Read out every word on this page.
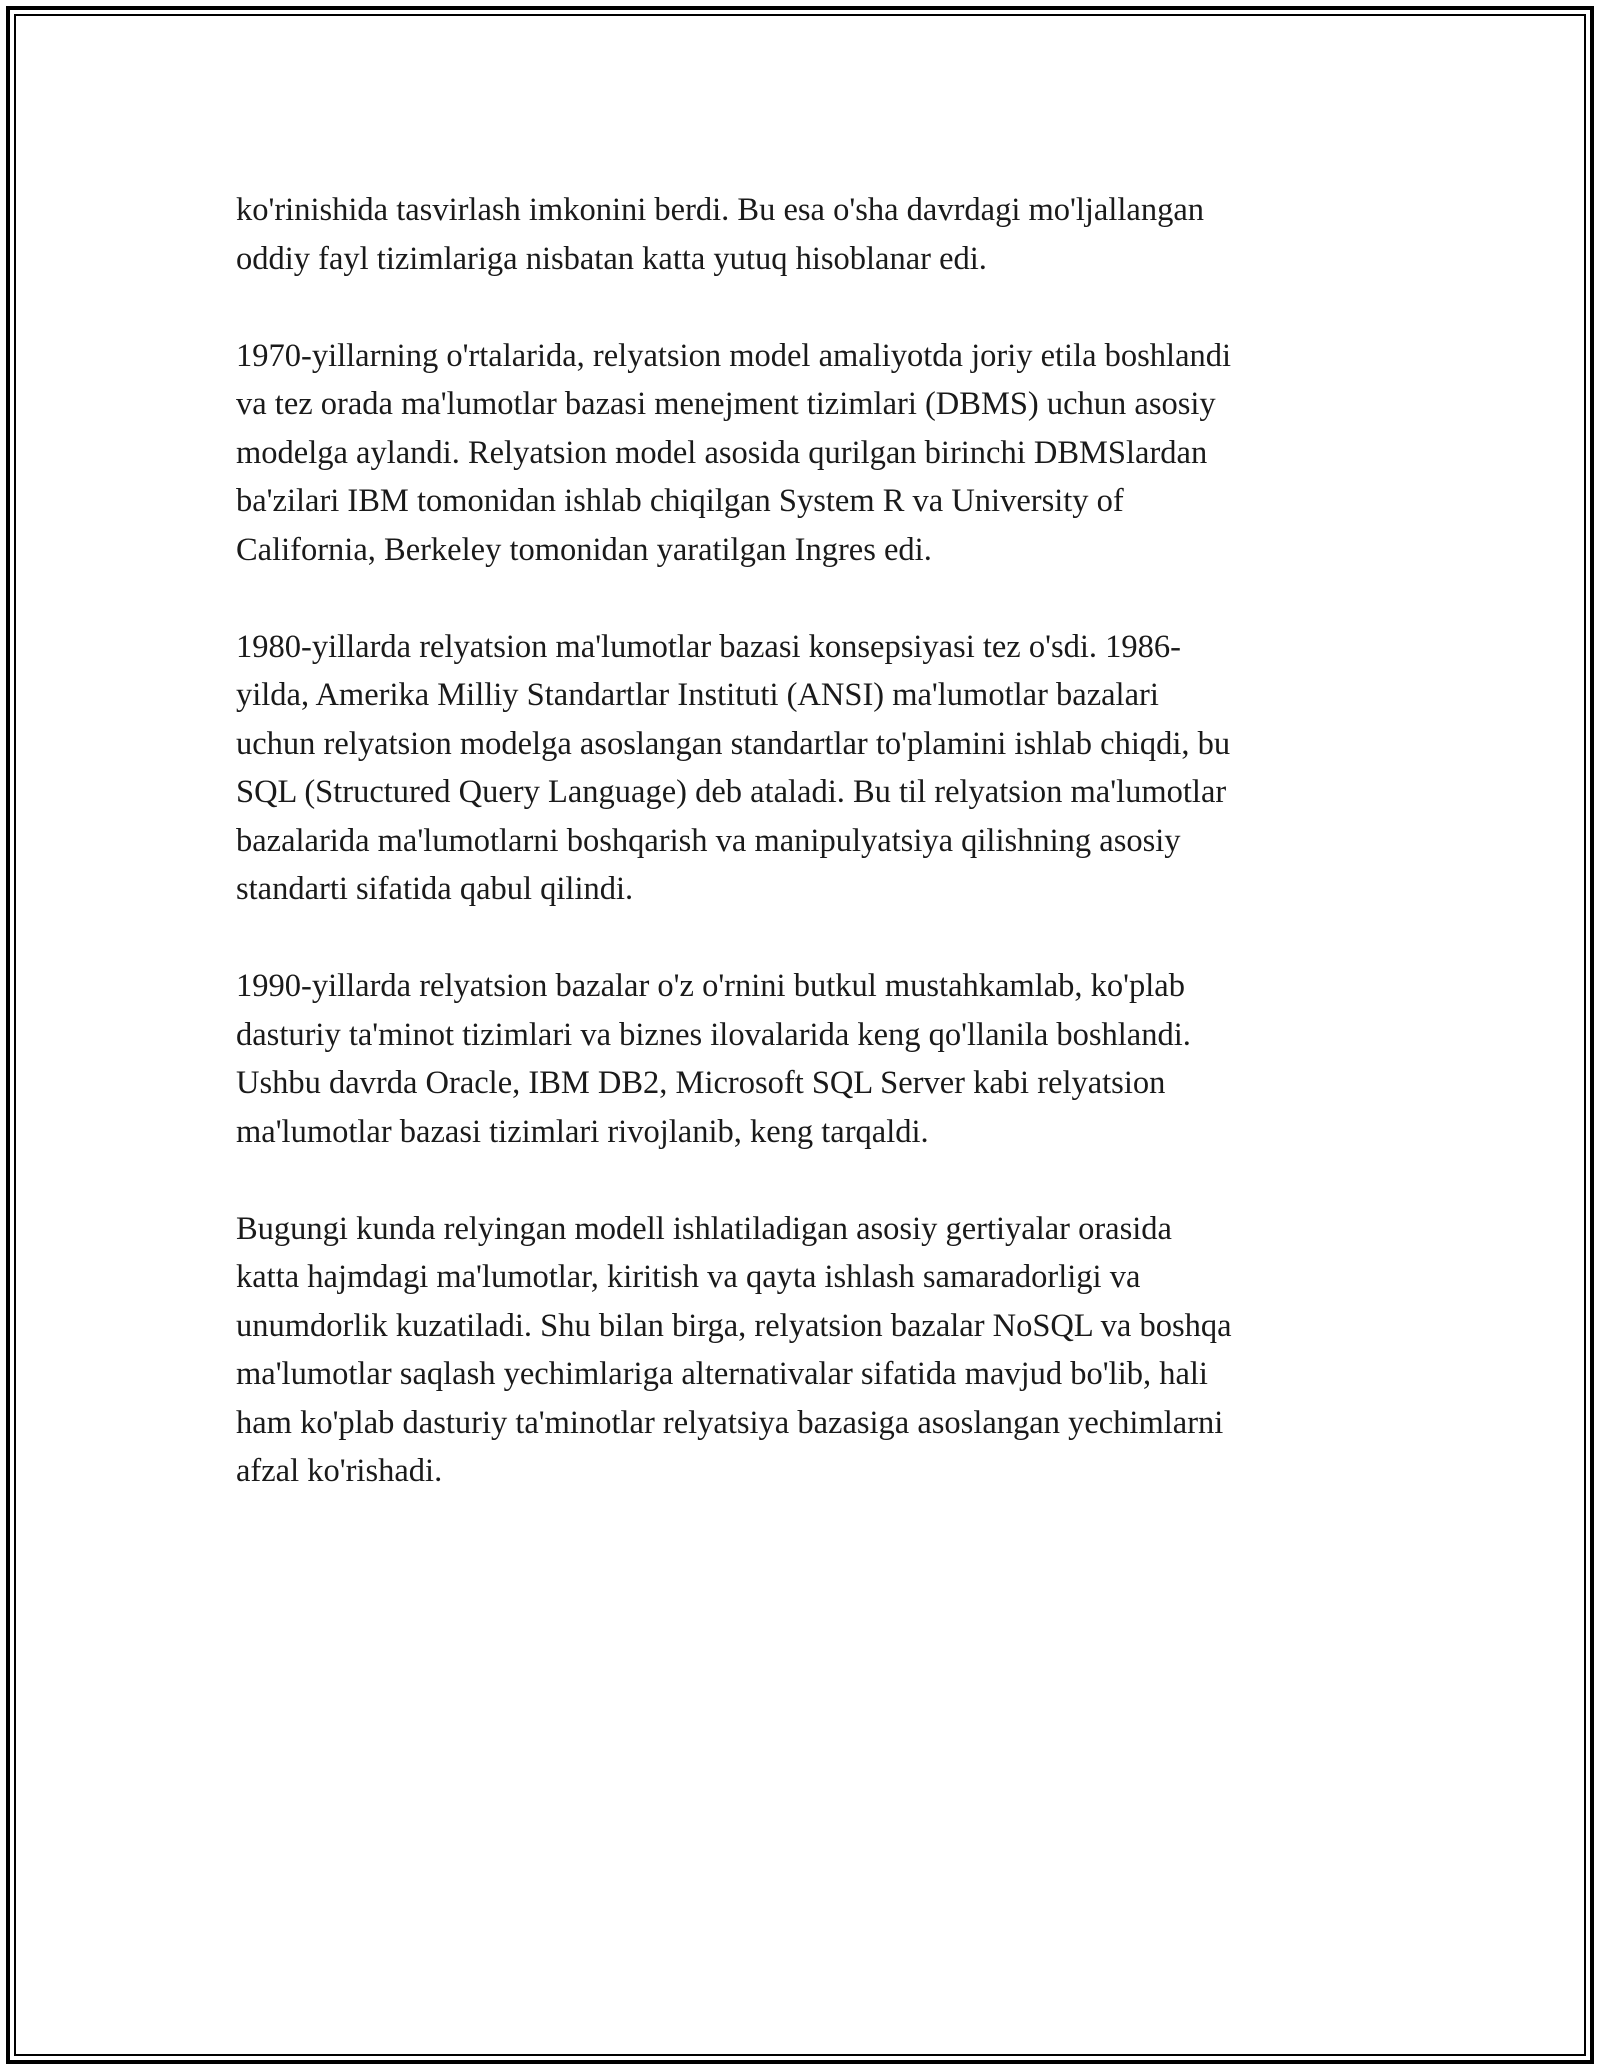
ko'rinishida tasvirlash imkonini berdi. Bu esa o'sha davrdagi mo'ljallangan
oddiy fayl tizimlariga nisbatan katta yutuq hisoblanar edi.

1970-yillarning o'rtalarida, relyatsion model amaliyotda joriy etila boshlandi
va tez orada ma'lumotlar bazasi menejment tizimlari (DBMS) uchun asosiy
modelga aylandi. Relyatsion model asosida qurilgan birinchi DBMSlardan
ba'zilari IBM tomonidan ishlab chiqilgan System R va University of
California, Berkeley tomonidan yaratilgan Ingres edi.

1980-yillarda relyatsion ma'lumotlar bazasi konsepsiyasi tez o'sdi. 1986-
yilda, Amerika Milliy Standartlar Instituti (ANSI) ma'lumotlar bazalari
uchun relyatsion modelga asoslangan standartlar to'plamini ishlab chiqdi, bu
SQL (Structured Query Language) deb ataladi. Bu til relyatsion ma'lumotlar
bazalarida ma'lumotlarni boshqarish va manipulyatsiya qilishning asosiy
standarti sifatida qabul qilindi.

1990-yillarda relyatsion bazalar o'z o'rnini butkul mustahkamlab, ko'plab
dasturiy ta'minot tizimlari va biznes ilovalarida keng qo'llanila boshlandi.
Ushbu davrda Oracle, IBM DB2, Microsoft SQL Server kabi relyatsion
ma'lumotlar bazasi tizimlari rivojlanib, keng tarqaldi.

Bugungi kunda relyingan modell ishlatiladigan asosiy gertiyalar orasida
katta hajmdagi ma'lumotlar, kiritish va qayta ishlash samaradorligi va
unumdorlik kuzatiladi. Shu bilan birga, relyatsion bazalar NoSQL va boshqa
ma'lumotlar saqlash yechimlariga alternativalar sifatida mavjud bo'lib, hali
ham ko'plab dasturiy ta'minotlar relyatsiya bazasiga asoslangan yechimlarni
afzal ko'rishadi.
